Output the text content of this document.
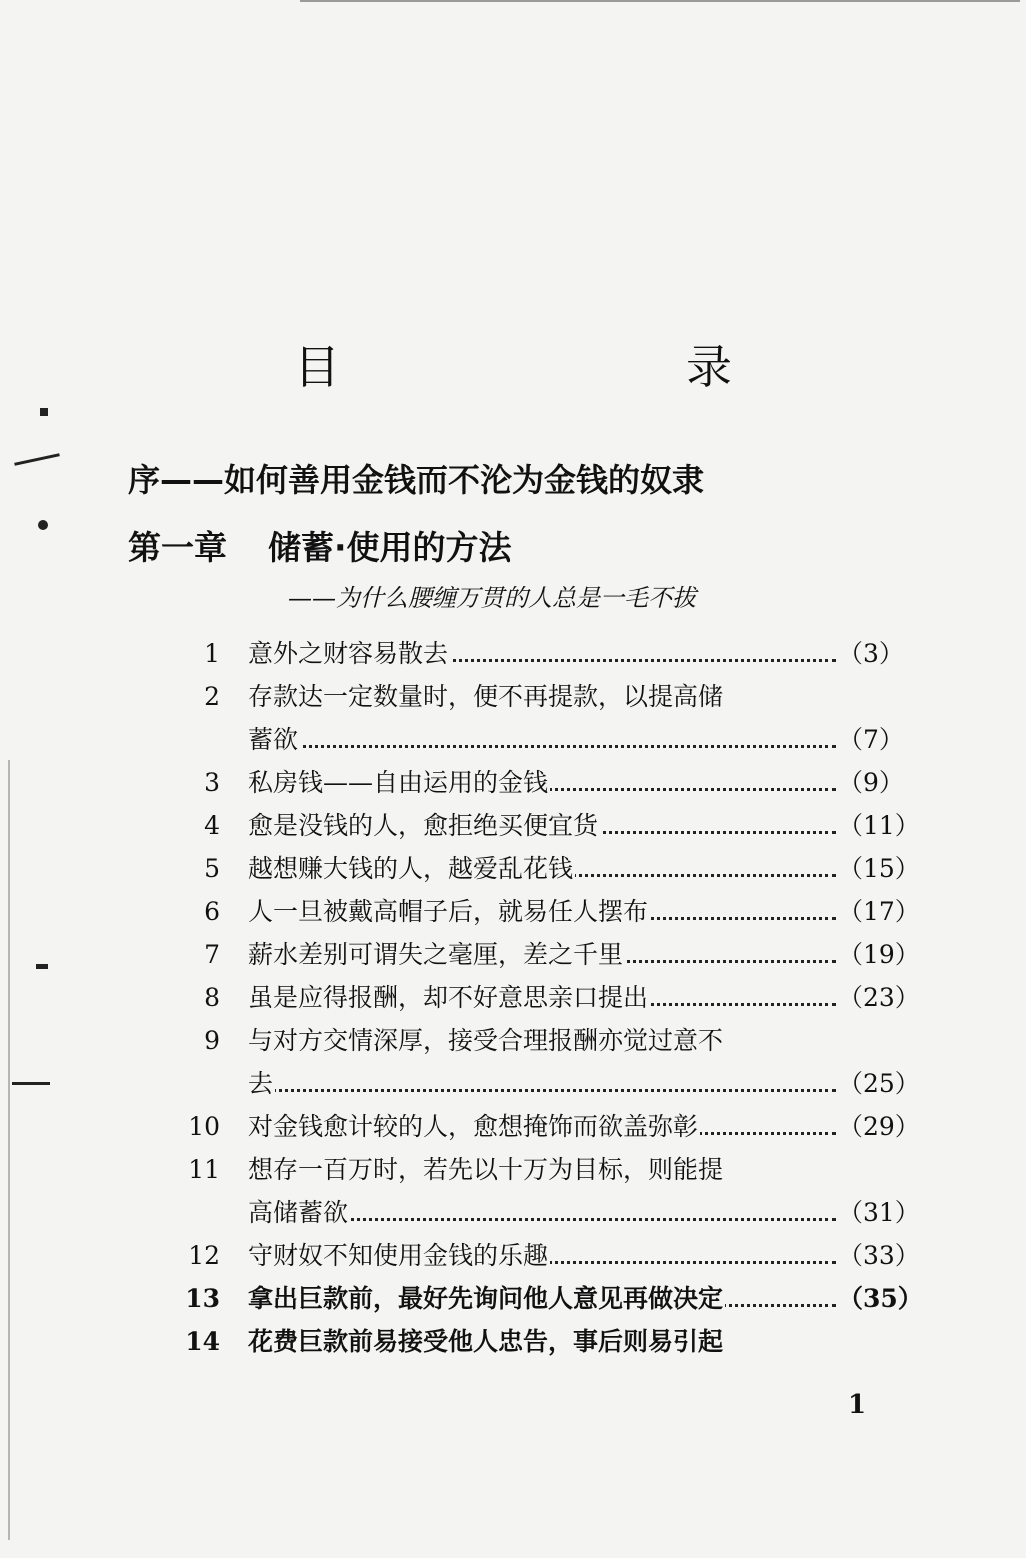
目　录
序——如何善用金钱而不沦为金钱的奴隶
第一章 储蓄·使用的方法
——为什么腰缠万贯的人总是一毛不拔
1 意外之财容易散去	（3）
2 存款达一定数量时，便不再提款，以提高储
蓄欲	（7）
3 私房钱——自由运用的金钱	（9）
4 愈是没钱的人，愈拒绝买便宜货	（11）
5 越想赚大钱的人，越爱乱花钱	（15）
6 人一旦被戴高帽子后，就易任人摆布	（17）
7 薪水差别可谓失之毫厘，差之千里	（19）
8 虽是应得报酬，却不好意思亲口提出	（23）
9 与对方交情深厚，接受合理报酬亦觉过意不
去	（25）
10 对金钱愈计较的人，愈想掩饰而欲盖弥彰	（29）
11 想存一百万时，若先以十万为目标，则能提
高储蓄欲	（31）
12 守财奴不知使用金钱的乐趣	（33）
13 拿出巨款前，最好先询问他人意见再做决定	（35）
14 花费巨款前易接受他人忠告，事后则易引起
1
